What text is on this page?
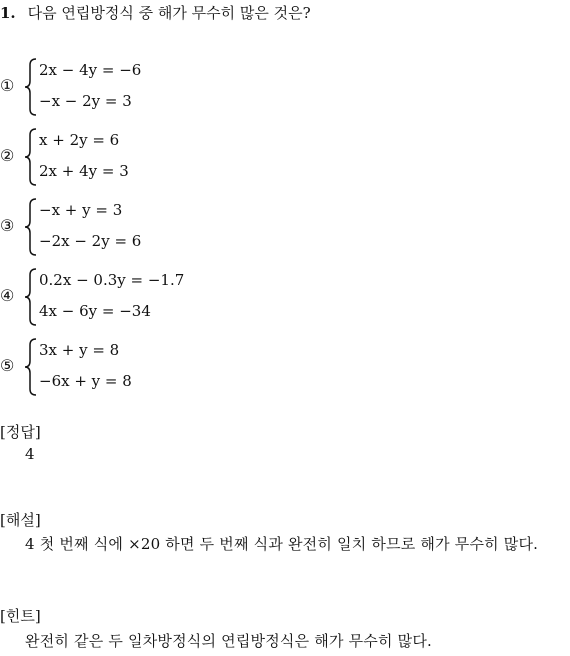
1. 다음 연립방정식 중 해가 무수히 많은 것은?
①
2x − 4y = −6
−x − 2y = 3
②
x + 2y = 6
2x + 4y = 3
③
−x + y = 3
−2x − 2y = 6
④
0.2x − 0.3y = −1.7
4x − 6y = −34
⑤
3x + y = 8
−6x + y = 8
[정답]
4
[해설]
4 첫 번째 식에 ×20 하면 두 번째 식과 완전히 일치 하므로 해가 무수히 많다.
[힌트]
완전히 같은 두 일차방정식의 연립방정식은 해가 무수히 많다.
